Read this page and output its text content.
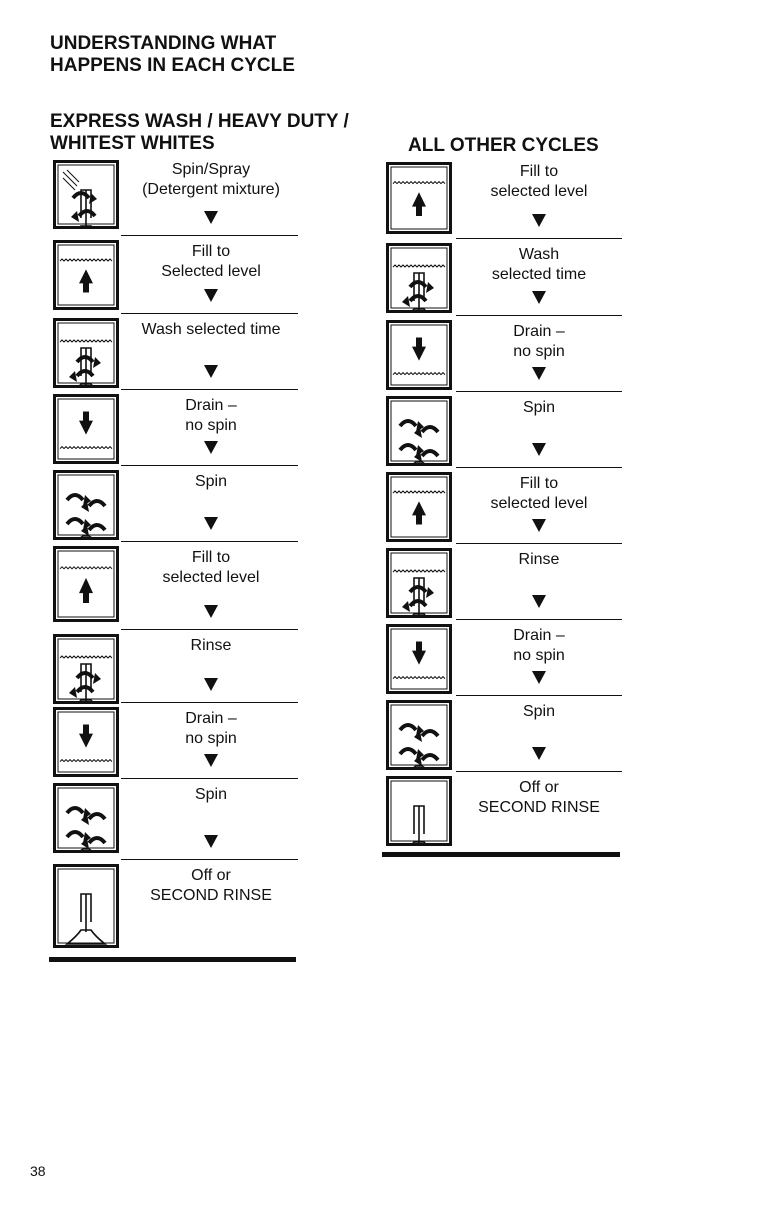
UNDERSTANDING WHAT HAPPENS IN EACH CYCLE
EXPRESS WASH / HEAVY DUTY / WHITEST WHITES	ALL OTHER CYCLES
Spin/Spray
(Detergent mixture)
Fill to
Selected level
Wash selected time
Drain –
no spin
Spin
Fill to
selected level
Rinse
Drain –
no spin
Spin
Off or
SECOND RINSE
Fill to
selected level
Wash
selected time
Drain –
no spin
Spin
Fill to
selected level
Rinse
Drain –
no spin
Spin
Off or
SECOND RINSE
38
